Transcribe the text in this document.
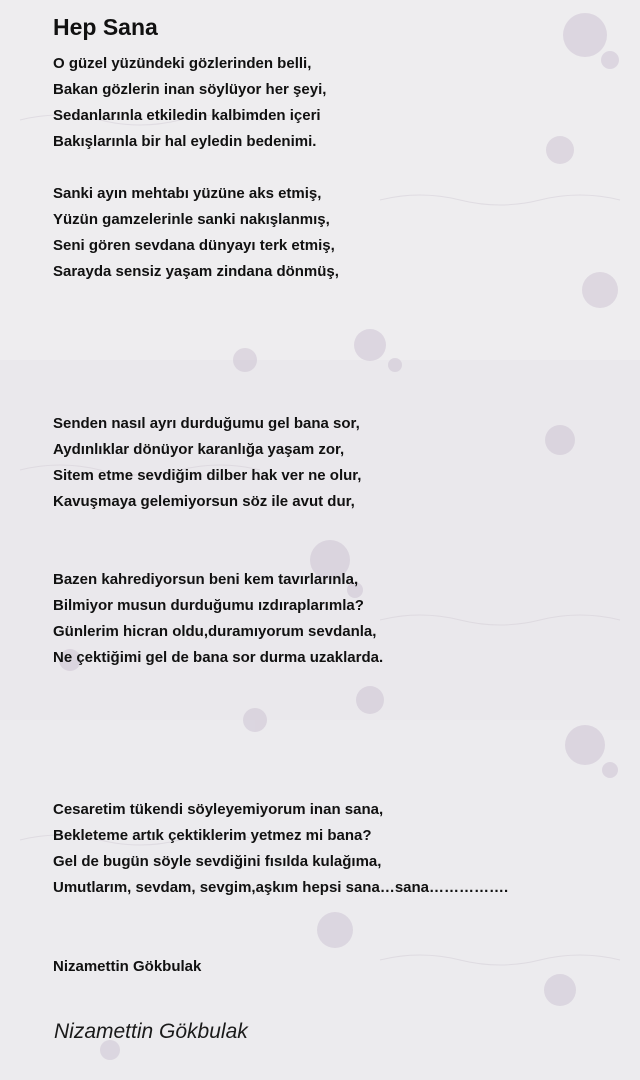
Hep Sana
O güzel yüzündeki gözlerinden belli,
Bakan gözlerin inan söylüyor her şeyi,
Sedanlarınla etkiledin kalbimden içeri
Bakışlarınla bir hal eyledin bedenimi.
Sanki ayın mehtabı yüzüne aks etmiş,
Yüzün gamzelerinle sanki nakışlanmış,
Seni gören sevdana dünyayı terk etmiş,
Sarayda sensiz yaşam zindana dönmüş,
Senden nasıl ayrı durduğumu gel bana sor,
Aydınlıklar dönüyor karanlığa yaşam zor,
Sitem etme sevdiğim dilber hak ver ne olur,
Kavuşmaya gelemiyorsun söz ile avut dur,
Bazen kahrediyorsun beni kem tavırlarınla,
Bilmiyor musun durduğumu ızdıraplarımla?
Günlerim hicran oldu,duramıyorum sevdanla,
Ne çektiğimi gel de bana sor durma uzaklarda.
Cesaretim tükendi söyleyemiyorum inan sana,
Bekleteme artık çektiklerim yetmez mi bana?
Gel de bugün söyle sevdiğini fısılda kulağıma,
Umutlarım, sevdam, sevgim,aşkım hepsi sana…sana…………….
Nizamettin Gökbulak
Nizamettin Gökbulak
